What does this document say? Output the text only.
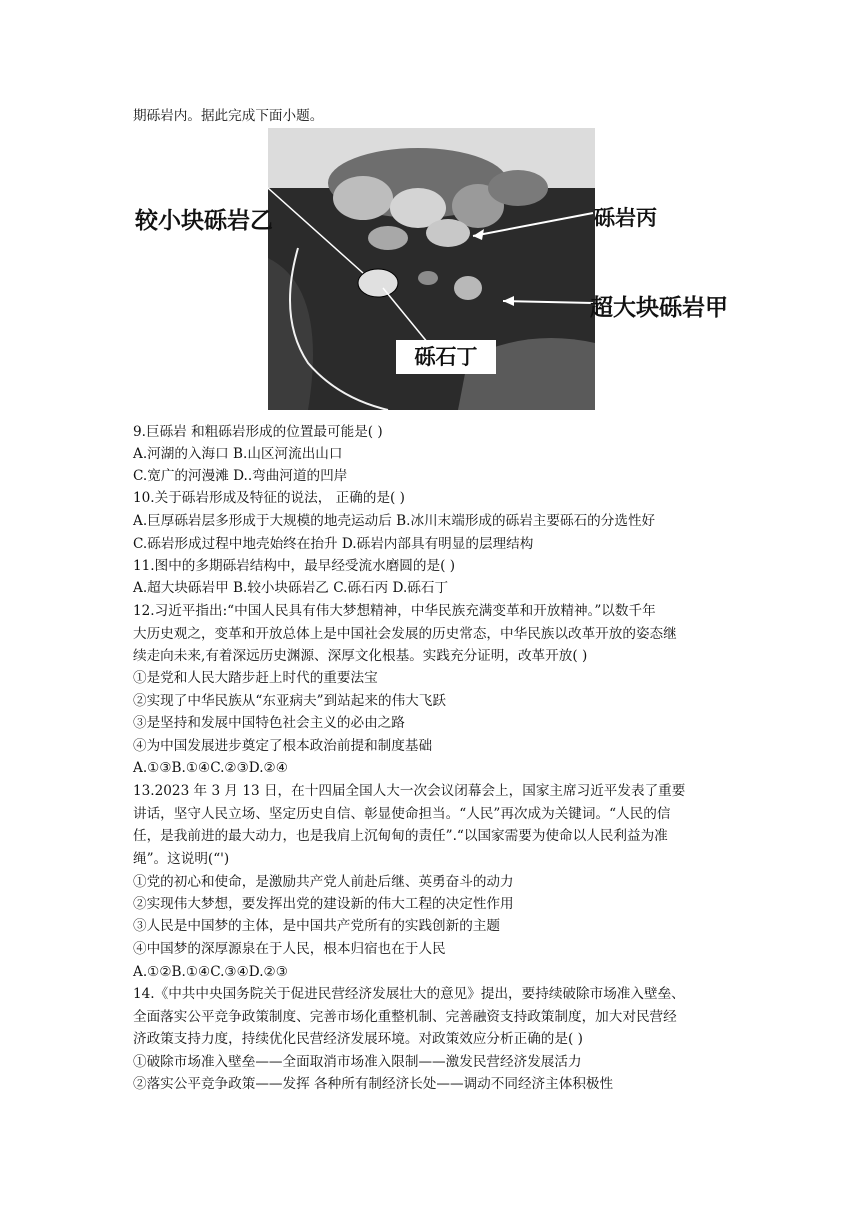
期砾岩内。据此完成下面小题。
较小块砾岩乙	砾岩丙
超大块砾岩甲
砾石丁
9.巨砾岩 和粗砾岩形成的位置最可能是( )
A.河湖的入海口 B.山区河流出山口
C.宽广的河漫滩 D..弯曲河道的凹岸
10.关于砾岩形成及特征的说法， 正确的是( )
A.巨厚砾岩层多形成于大规模的地壳运动后 B.冰川末端形成的砾岩主要砾石的分选性好
C.砾岩形成过程中地壳始终在抬升 D.砾岩内部具有明显的层理结构
11.图中的多期砾岩结构中，最早经受流水磨圆的是( )
A.超大块砾岩甲 B.较小块砾岩乙 C.砾石丙 D.砾石丁
12.习近平指出:“中国人民具有伟大梦想精神，中华民族充满变革和开放精神。”以数千年
大历史观之，变革和开放总体上是中国社会发展的历史常态，中华民族以改革开放的姿态继
续走向未来,有着深远历史渊源、深厚文化根基。实践充分证明，改革开放( )
①是党和人民大踏步赶上时代的重要法宝
②实现了中华民族从“东亚病夫”到站起来的伟大飞跃
③是坚持和发展中国特色社会主义的必由之路
④为中国发展进步奠定了根本政治前提和制度基础
A.①③B.①④C.②③D.②④
13.2023 年 3 月 13 日，在十四届全国人大一次会议闭幕会上，国家主席习近平发表了重要
讲话，坚守人民立场、坚定历史自信、彰显使命担当。“人民”再次成为关键词。“人民的信
任，是我前进的最大动力，也是我肩上沉甸甸的责任”.“以国家需要为使命以人民利益为准
绳”。这说明(“')
①党的初心和使命，是激励共产党人前赴后继、英勇奋斗的动力
②实现伟大梦想，要发挥出党的建设新的伟大工程的决定性作用
③人民是中国梦的主体，是中国共产党所有的实践创新的主题
④中国梦的深厚源泉在于人民，根本归宿也在于人民
A.①②B.①④C.③④D.②③
14.《中共中央国务院关于促进民营经济发展壮大的意见》提出，要持续破除市场准入壁垒、
全面落实公平竞争政策制度、完善市场化重整机制、完善融资支持政策制度，加大对民营经
济政策支持力度，持续优化民营经济发展环境。对政策效应分析正确的是( )
①破除市场准入壁垒——全面取消市场准入限制——激发民营经济发展活力
②落实公平竞争政策——发挥 各种所有制经济长处——调动不同经济主体积极性
